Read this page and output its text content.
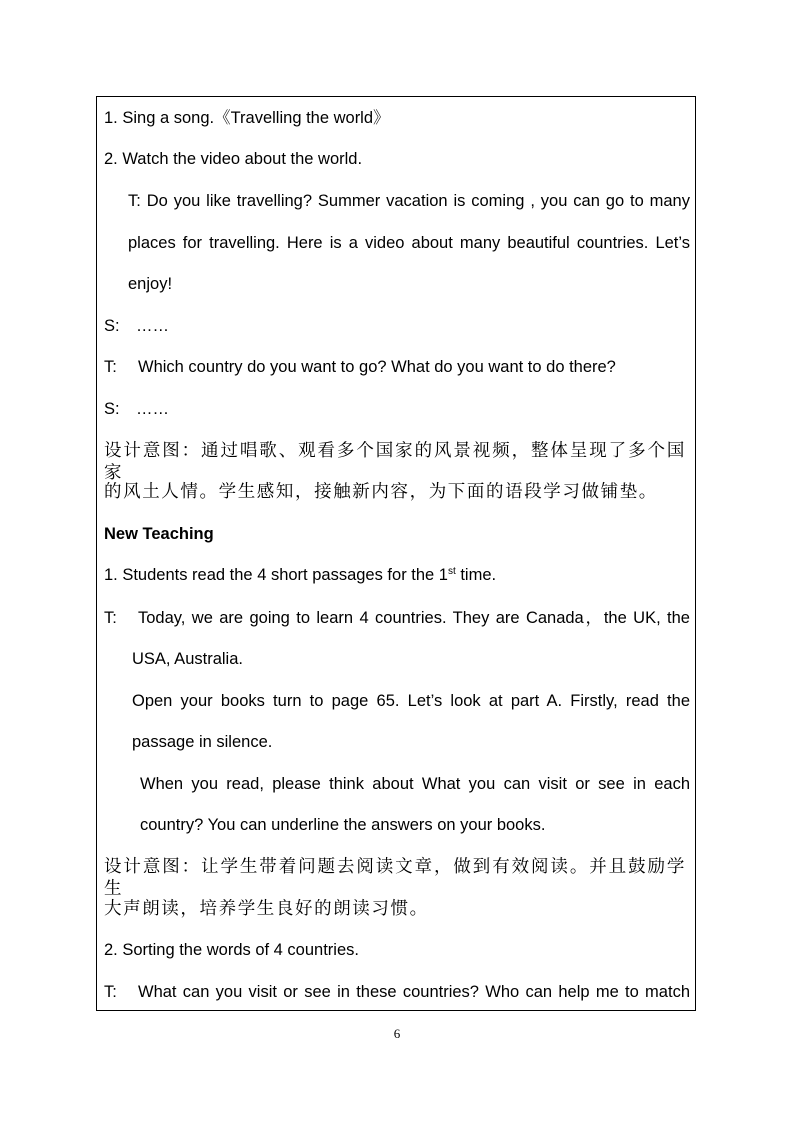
1. Sing a song.《Travelling the world》
2. Watch the video about the world.
T: Do you like travelling? Summer vacation is coming , you can go to many
places for travelling. Here is a video about many beautiful countries. Let’s
enjoy!
S: ……
T: Which country do you want to go? What do you want to do there?
S: ……
设计意图：通过唱歌、观看多个国家的风景视频，整体呈现了多个国家
的风土人情。学生感知，接触新内容，为下面的语段学习做铺垫。
New Teaching
1. Students read the 4 short passages for the 1st time.
T: Today, we are going to learn 4 countries. They are Canada，the UK, the
USA, Australia.
Open your books turn to page 65. Let’s look at part A. Firstly, read the
passage in silence.
When you read, please think about What you can visit or see in each
country? You can underline the answers on your books.
设计意图：让学生带着问题去阅读文章，做到有效阅读。并且鼓励学生
大声朗读，培养学生良好的朗读习惯。
2. Sorting the words of 4 countries.
T: What can you visit or see in these countries? Who can help me to match
6
